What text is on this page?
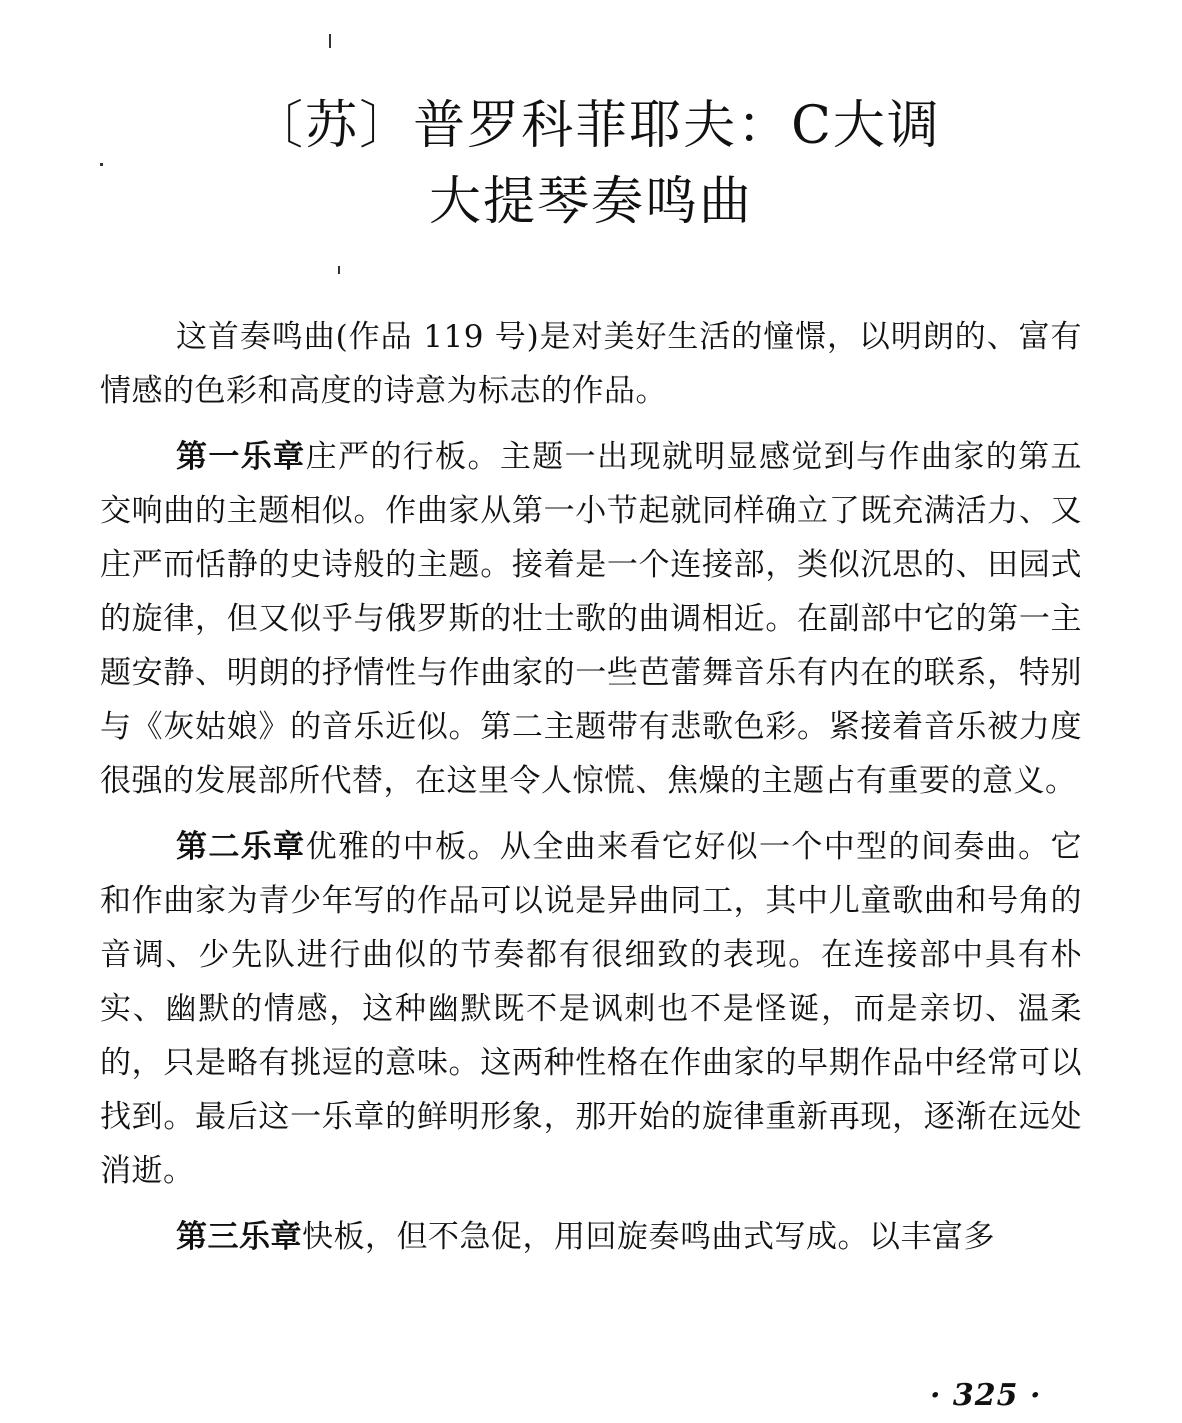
〔苏〕普罗科菲耶夫：C大调
大提琴奏鸣曲

这首奏鸣曲(作品 119 号)是对美好生活的憧憬，以明朗的、富有情感的色彩和高度的诗意为标志的作品。

第一乐章庄严的行板。主题一出现就明显感觉到与作曲家的第五交响曲的主题相似。作曲家从第一小节起就同样确立了既充满活力、又庄严而恬静的史诗般的主题。接着是一个连接部，类似沉思的、田园式的旋律，但又似乎与俄罗斯的壮士歌的曲调相近。在副部中它的第一主题安静、明朗的抒情性与作曲家的一些芭蕾舞音乐有内在的联系，特别与《灰姑娘》的音乐近似。第二主题带有悲歌色彩。紧接着音乐被力度很强的发展部所代替，在这里令人惊慌、焦燥的主题占有重要的意义。

第二乐章优雅的中板。从全曲来看它好似一个中型的间奏曲。它和作曲家为青少年写的作品可以说是异曲同工，其中儿童歌曲和号角的音调、少先队进行曲似的节奏都有很细致的表现。在连接部中具有朴实、幽默的情感，这种幽默既不是讽刺也不是怪诞，而是亲切、温柔的，只是略有挑逗的意味。这两种性格在作曲家的早期作品中经常可以找到。最后这一乐章的鲜明形象，那开始的旋律重新再现，逐渐在远处消逝。

第三乐章快板，但不急促，用回旋奏鸣曲式写成。以丰富多

· 325 ·
